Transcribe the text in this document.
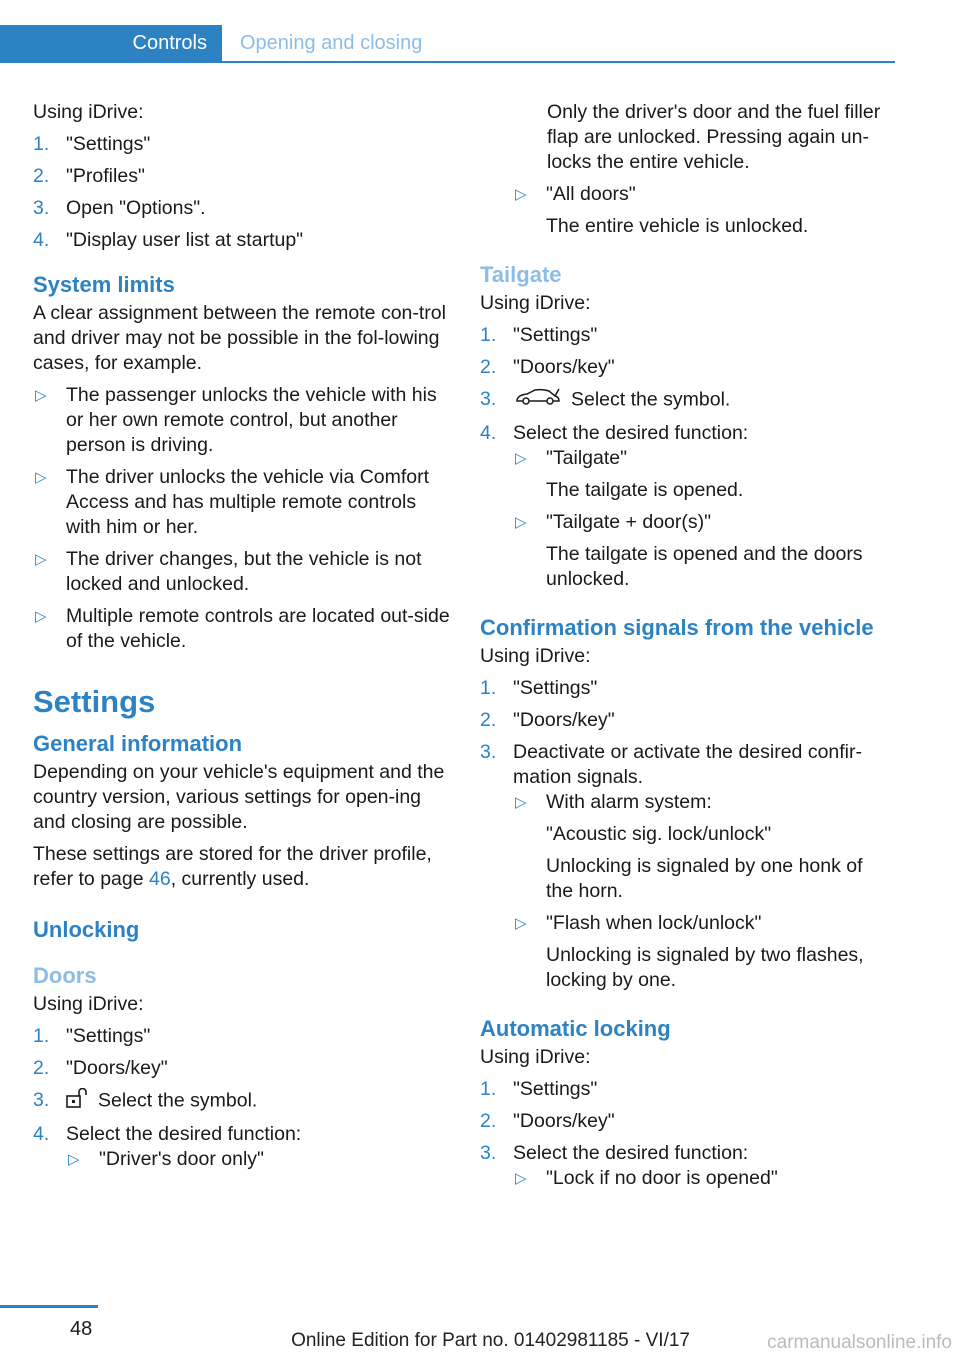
Controls	Opening and closing

Using iDrive:

1. "Settings"
2. "Profiles"
3. Open "Options".
4. "Display user list at startup"
System limits

A clear assignment between the remote con-trol and driver may not be possible in the fol-lowing cases, for example.

▷ The passenger unlocks the vehicle with his or her own remote control, but another person is driving.
▷ The driver unlocks the vehicle via Comfort Access and has multiple remote controls with him or her.
▷ The driver changes, but the vehicle is not locked and unlocked.
▷ Multiple remote controls are located out-side of the vehicle.
Settings
General information

Depending on your vehicle's equipment and the country version, various settings for open-ing and closing are possible.

These settings are stored for the driver profile, refer to page 46, currently used.

Unlocking
Doors

Using iDrive:

1. "Settings"
2. "Doors/key"
3. Select the symbol.
4. Select the desired function:
▷ "Driver's door only"

Only the driver's door and the fuel filler flap are unlocked. Pressing again un-locks the entire vehicle.

▷ "All doors"
The entire vehicle is unlocked.
Tailgate

Using iDrive:

1. "Settings"
2. "Doors/key"
3.	Select the symbol.
4. Select the desired function:
▷ "Tailgate"
The tailgate is opened.
▷ "Tailgate + door(s)"
The tailgate is opened and the doors unlocked.
Confirmation signals from the vehicle

Using iDrive:

1. "Settings"
2. "Doors/key"
3. Deactivate or activate the desired confir-mation signals.
▷ With alarm system:
"Acoustic sig. lock/unlock"
Unlocking is signaled by one honk of the horn.
▷ "Flash when lock/unlock"
Unlocking is signaled by two flashes, locking by one.
Automatic locking

Using iDrive:

1. "Settings"
2. "Doors/key"
3. Select the desired function:
▷ "Lock if no door is opened"
48
Online Edition for Part no. 01402981185 - VI/17	carmanualsonline.info
